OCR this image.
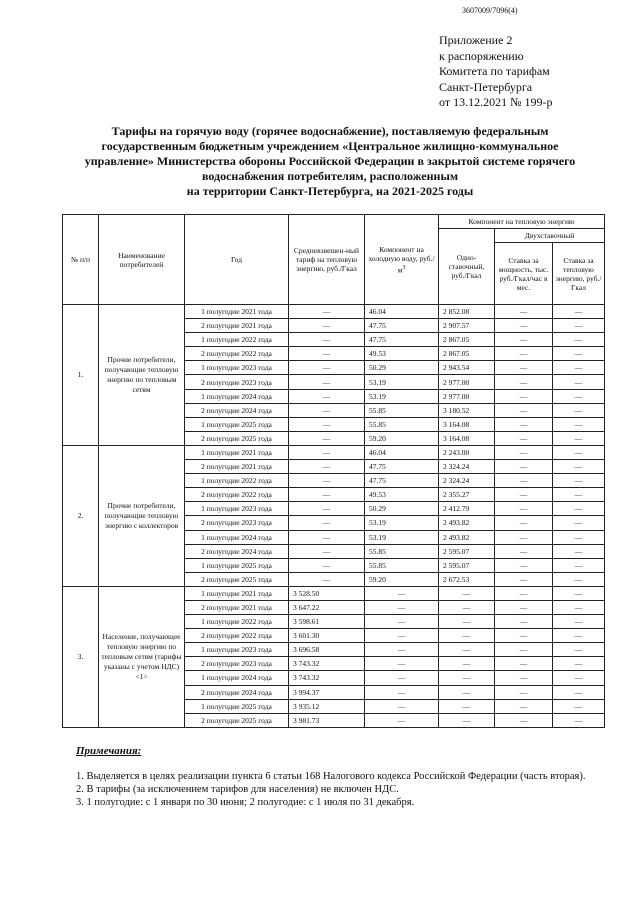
3607009/7096(4)
Приложение 2
к распоряжению
Комитета по тарифам
Санкт-Петербурга
от 13.12.2021 № 199-р
Тарифы на горячую воду (горячее водоснабжение), поставляемую федеральным
государственным бюджетным учреждением «Центральное жилищно-коммунальное
управление» Министерства обороны Российской Федерации в закрытой системе горячего
водоснабжения потребителям, расположенным
на территории Санкт-Петербурга, на 2021-2025 годы
№ п/п	Наименование потребителей	Год	Средневзвешен-ный тариф на тепловую энергию, руб./Гкал	Компонент на холодную воду, $руб./м^3$	Компонент на тепловую энергию		
					Одно-ставочный, руб./Гкал	Двухставочный	
						Ставка за мощность, тыс. руб./Гкал/час в мес.	Ставка за тепловую энергию, руб./Гкал
1.	Прочие потребители, получающие тепловую энергию по тепловым сетям	1 полугодие 2021 года	—	46.04	2 852.08	—	—
		2 полугодие 2021 года	—	47.75	2 907.57	—	—
		1 полугодие 2022 года	—	47.75	2 867.05	—	—
		2 полугодие 2022 года	—	49.53	2 867.05	—	—
		1 полугодие 2023 года	—	50.29	2 943.54	—	—
		2 полугодие 2023 года	—	53.19	2 977.00	—	—
		1 полугодие 2024 года	—	53.19	2 977.00	—	—
		2 полугодие 2024 года	—	55.85	3 180.52	—	—
		1 полугодие 2025 года	—	55.85	3 164.08	—	—
		2 полугодие 2025 года	—	59.20	3 164.08	—	—
2.	Прочие потребители, получающие тепловую энергию с коллекторов	1 полугодие 2021 года	—	46.04	2 243.00	—	—
		2 полугодие 2021 года	—	47.75	2 324.24	—	—
		1 полугодие 2022 года	—	47.75	2 324.24	—	—
		2 полугодие 2022 года	—	49.53	2 355.27	—	—
		1 полугодие 2023 года	—	50.29	2 412.79	—	—
		2 полугодие 2023 года	—	53.19	2 493.82	—	—
		1 полугодие 2024 года	—	53.19	2 493.82	—	—
		2 полугодие 2024 года	—	55.85	2 595.07	—	—
		1 полугодие 2025 года	—	55.85	2 595.07	—	—
		2 полугодие 2025 года	—	59.20	2 672.53	—	—
3.	Население, получающее тепловую энергию по тепловым сетям (тарифы указаны с учетом НДС) <1>	1 полугодие 2021 года	3 528.50	—	—	—	—
		2 полугодие 2021 года	3 647.22	—	—	—	—
		1 полугодие 2022 года	3 598.61	—	—	—	—
		2 полугодие 2022 года	3 601.30	—	—	—	—
		1 полугодие 2023 года	3 696.58	—	—	—	—
		2 полугодие 2023 года	3 743.32	—	—	—	—
		1 полугодие 2024 года	3 743.32	—	—	—	—
		2 полугодие 2024 года	3 994.37	—	—	—	—
		1 полугодие 2025 года	3 935.12	—	—	—	—
		2 полугодие 2025 года	3 981.73	—	—	—	—
Примечания:
1. Выделяется в целях реализации пункта 6 статьи 168 Налогового кодекса Российской Федерации (часть вторая).
2. В тарифы (за исключением тарифов для населения) не включен НДС.
3. 1 полугодие: с 1 января по 30 июня; 2 полугодие: с 1 июля по 31 декабря.
